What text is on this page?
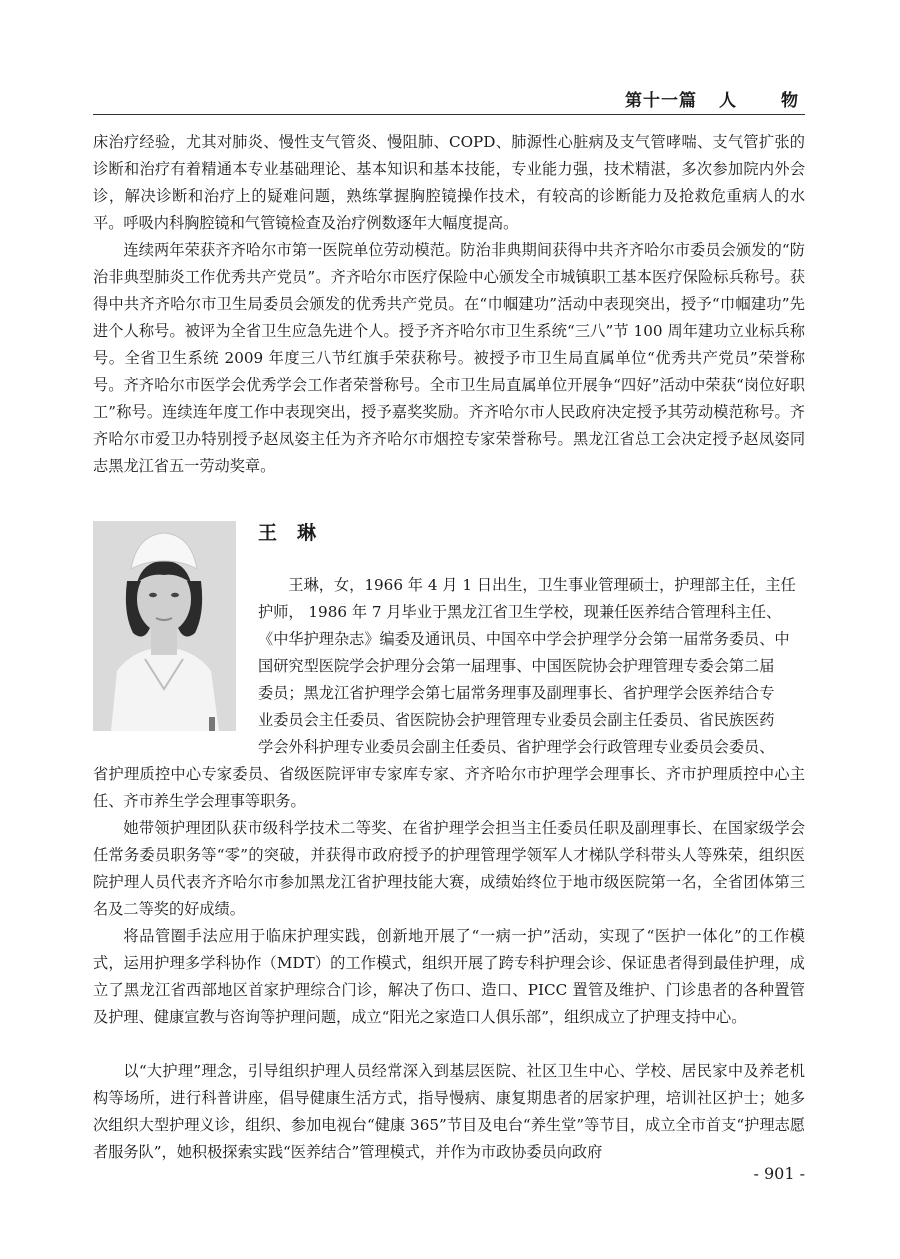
第十一篇 人	物

床治疗经验，尤其对肺炎、慢性支气管炎、慢阻肺、COPD、肺源性心脏病及支气管哮喘、支气管扩张的诊断和治疗有着精通本专业基础理论、基本知识和基本技能，专业能力强，技术精湛，多次参加院内外会诊，解决诊断和治疗上的疑难问题，熟练掌握胸腔镜操作技术，有较高的诊断能力及抢救危重病人的水平。呼吸内科胸腔镜和气管镜检查及治疗例数逐年大幅度提高。

连续两年荣获齐齐哈尔市第一医院单位劳动模范。防治非典期间获得中共齐齐哈尔市委员会颁发的“防治非典型肺炎工作优秀共产党员”。齐齐哈尔市医疗保险中心颁发全市城镇职工基本医疗保险标兵称号。获得中共齐齐哈尔市卫生局委员会颁发的优秀共产党员。在“巾帼建功”活动中表现突出，授予“巾帼建功”先进个人称号。被评为全省卫生应急先进个人。授予齐齐哈尔市卫生系统“三八”节 100 周年建功立业标兵称号。全省卫生系统 2009 年度三八节红旗手荣获称号。被授予市卫生局直属单位“优秀共产党员”荣誉称号。齐齐哈尔市医学会优秀学会工作者荣誉称号。全市卫生局直属单位开展争“四好”活动中荣获“岗位好职工”称号。连续连年度工作中表现突出，授予嘉奖奖励。齐齐哈尔市人民政府决定授予其劳动模范称号。齐齐哈尔市爱卫办特别授予赵凤姿主任为齐齐哈尔市烟控专家荣誉称号。黑龙江省总工会决定授予赵凤姿同志黑龙江省五一劳动奖章。

王 琳
王琳，女，1966 年 4 月 1 日出生，卫生事业管理硕士，护理部主任，主任
护师， 1986 年 7 月毕业于黑龙江省卫生学校，现兼任医养结合管理科主任、
《中华护理杂志》编委及通讯员、中国卒中学会护理学分会第一届常务委员、中
国研究型医院学会护理分会第一届理事、中国医院协会护理管理专委会第二届
委员；黑龙江省护理学会第七届常务理事及副理事长、省护理学会医养结合专
业委员会主任委员、省医院协会护理管理专业委员会副主任委员、省民族医药
学会外科护理专业委员会副主任委员、省护理学会行政管理专业委员会委员、

省护理质控中心专家委员、省级医院评审专家库专家、齐齐哈尔市护理学会理事长、齐市护理质控中心主任、齐市养生学会理事等职务。

她带领护理团队获市级科学技术二等奖、在省护理学会担当主任委员任职及副理事长、在国家级学会任常务委员职务等“零”的突破，并获得市政府授予的护理管理学领军人才梯队学科带头人等殊荣，组织医院护理人员代表齐齐哈尔市参加黑龙江省护理技能大赛，成绩始终位于地市级医院第一名，全省团体第三名及二等奖的好成绩。

将品管圈手法应用于临床护理实践，创新地开展了“一病一护”活动，实现了“医护一体化”的工作模式，运用护理多学科协作（MDT）的工作模式，组织开展了跨专科护理会诊、保证患者得到最佳护理，成立了黑龙江省西部地区首家护理综合门诊，解决了伤口、造口、PICC 置管及维护、门诊患者的各种置管及护理、健康宣教与咨询等护理问题，成立“阳光之家造口人俱乐部”，组织成立了护理支持中心。

以“大护理”理念，引导组织护理人员经常深入到基层医院、社区卫生中心、学校、居民家中及养老机构等场所，进行科普讲座，倡导健康生活方式，指导慢病、康复期患者的居家护理，培训社区护士；她多次组织大型护理义诊，组织、参加电视台“健康 365”节目及电台“养生堂”等节目，成立全市首支“护理志愿者服务队”，她积极探索实践“医养结合”管理模式，并作为市政协委员向政府

- 901 -
